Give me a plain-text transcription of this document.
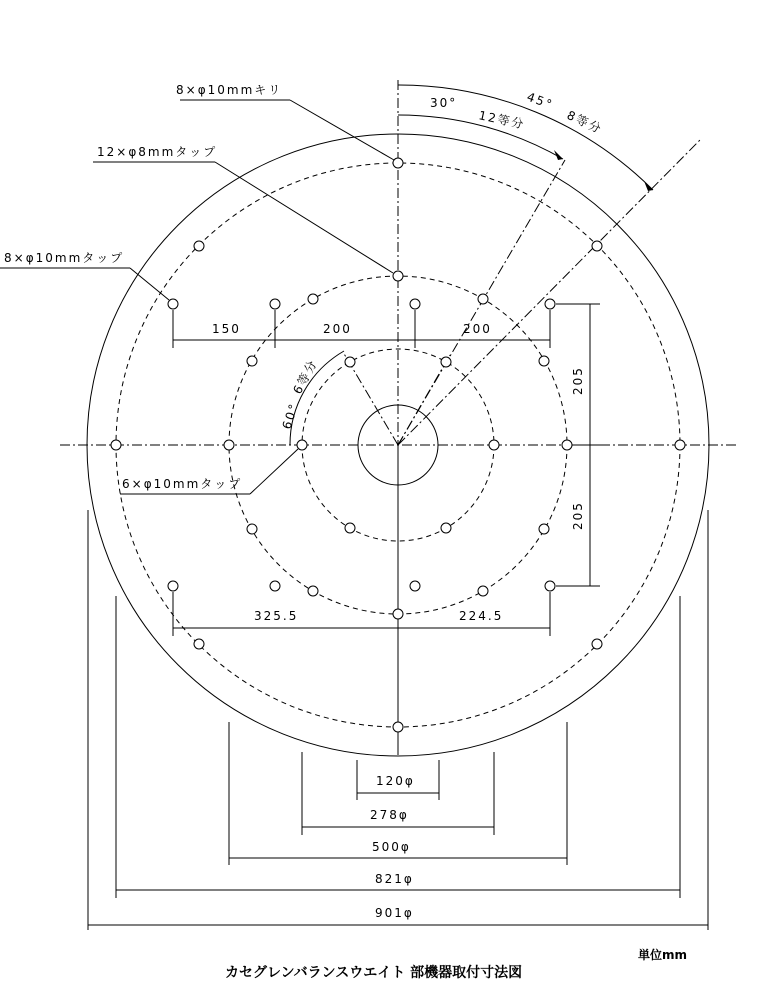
8×φ10mmキリ
12×φ8mmタップ
8×φ10mmタップ
6×φ10mmタップ
30°
12等分
45°
8等分
60°
6等分
150	200	200
205
205
325.5	224.5
120φ
278φ
500φ
821φ
901φ
単位mm
カセグレンバランスウエイト 部機器取付寸法図
